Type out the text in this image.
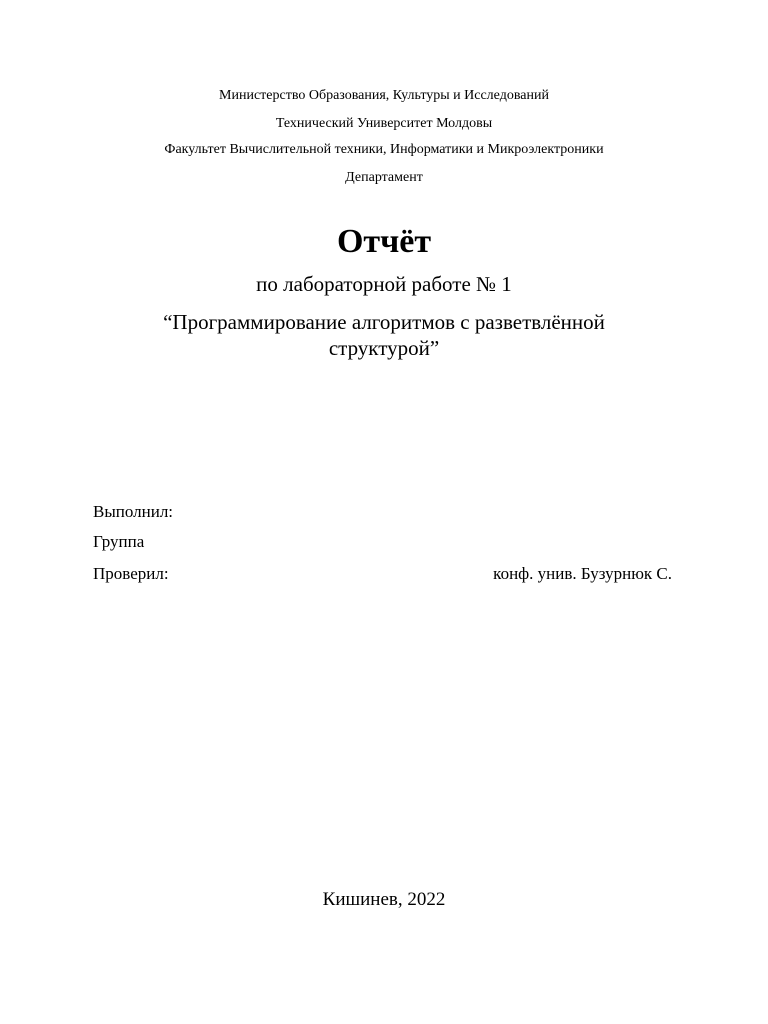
Министерство Образования, Культуры и Исследований
Технический Университет Молдовы
Факультет Вычислительной техники, Информатики и Микроэлектроники
Департамент
Отчёт
по лабораторной работе № 1
“Программирование алгоритмов с разветвлённой структурой”
Выполнил:
Группа
Проверил:	конф. унив. Бузурнюк С.
Кишинев, 2022
